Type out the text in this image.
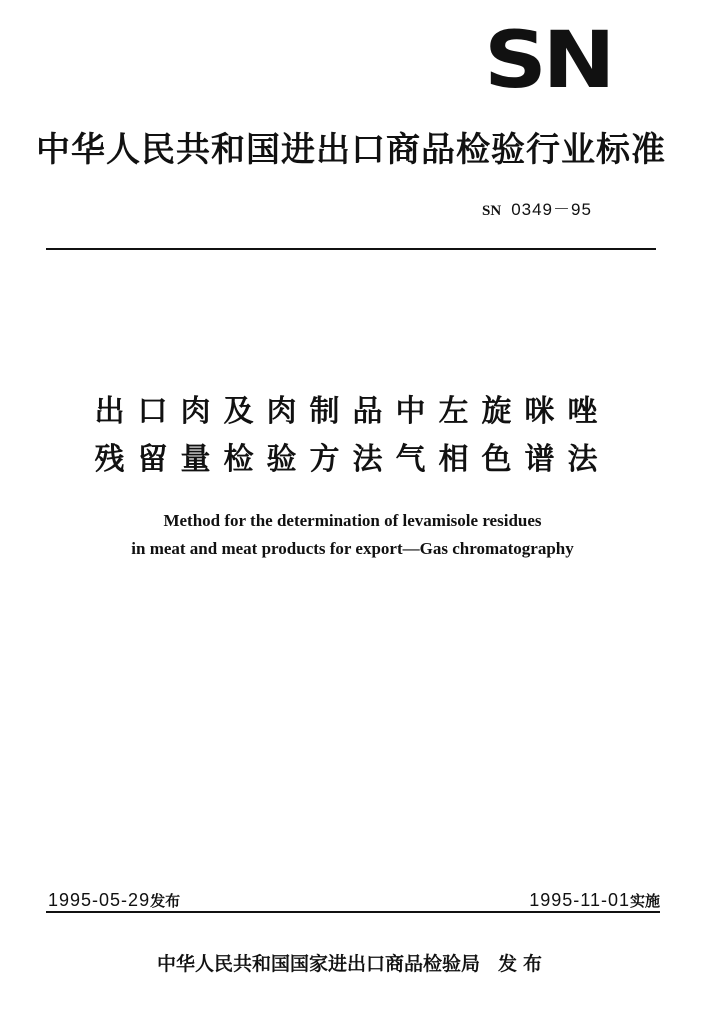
SN
中华人民共和国进出口商品检验行业标准
SN 0349－95
出口肉及肉制品中左旋咪唑
残留量检验方法气相色谱法
Method for the determination of levamisole residues
in meat and meat products for export—Gas chromatography
1995-05-29发布	1995-11-01实施
中华人民共和国国家进出口商品检验局 发布
